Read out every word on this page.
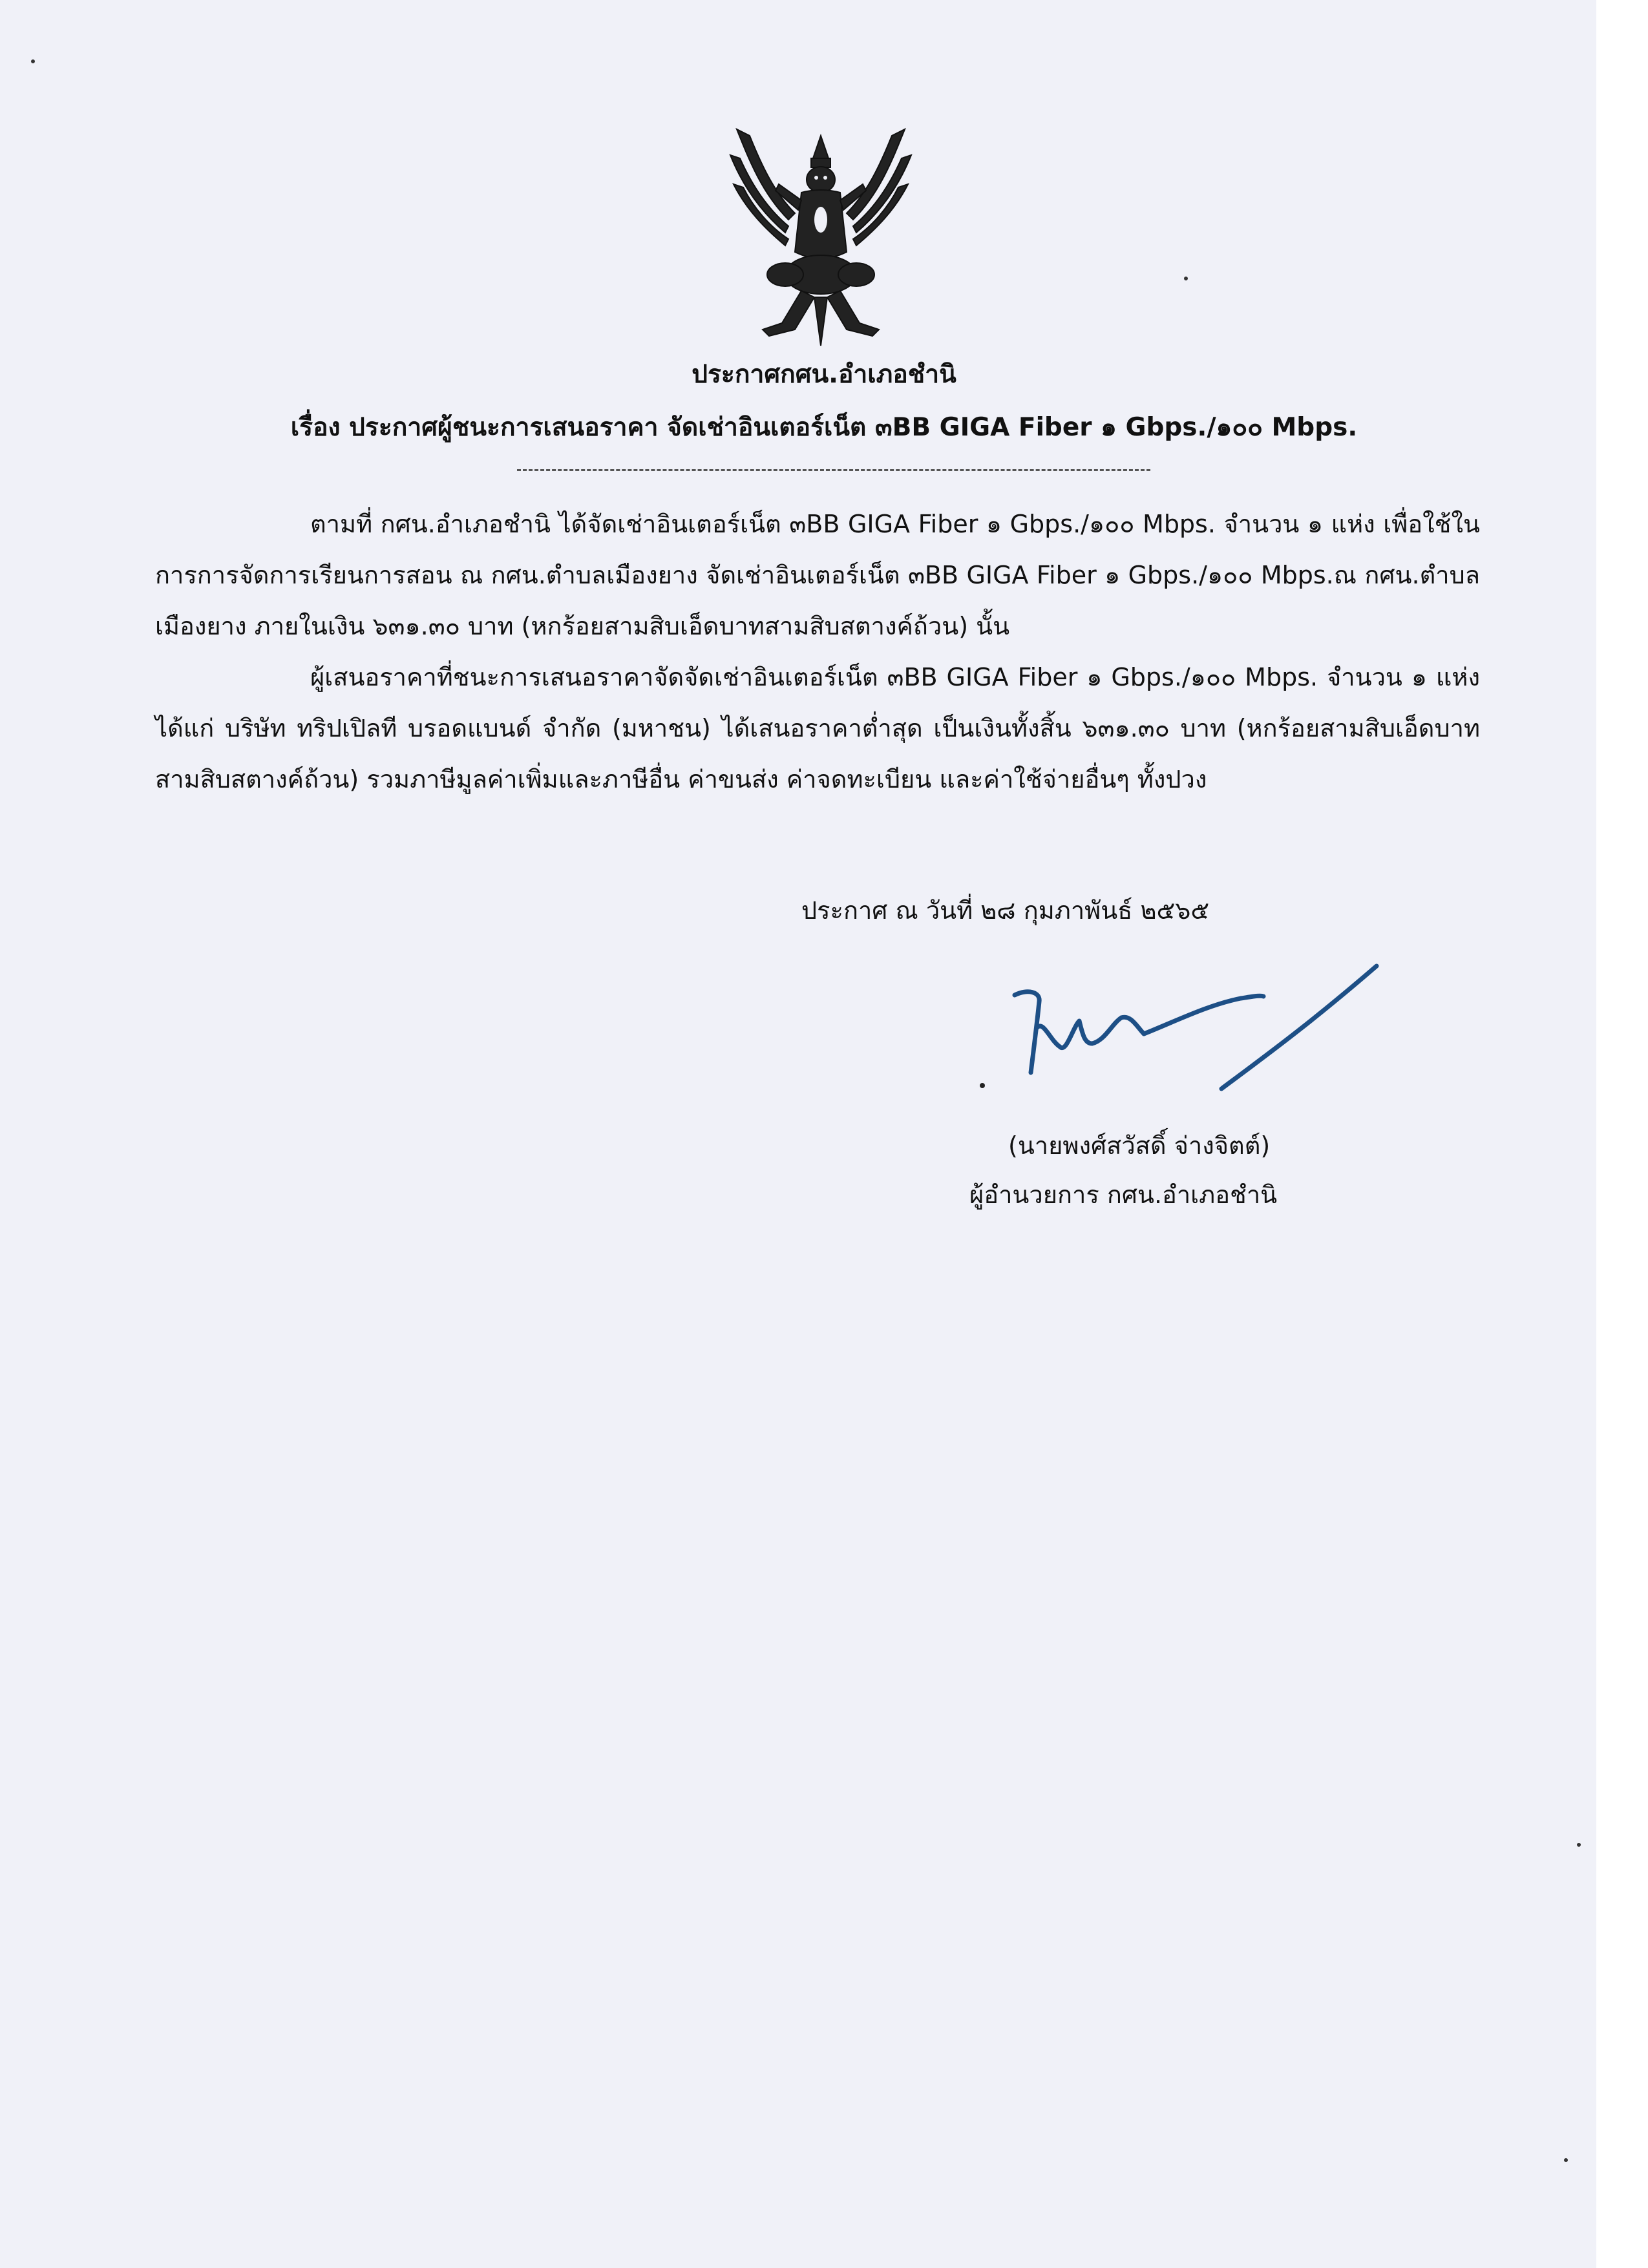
ประกาศกศน.อำเภอชำนิ
เรื่อง ประกาศผู้ชนะการเสนอราคา จัดเช่าอินเตอร์เน็ต ๓BB GIGA Fiber ๑ Gbps./๑๐๐ Mbps.

ตามที่ กศน.อำเภอชำนิ ได้จัดเช่าอินเตอร์เน็ต ๓BB GIGA Fiber ๑ Gbps./๑๐๐ Mbps. จำนวน ๑ แห่ง เพื่อใช้ในการการจัดการเรียนการสอน ณ กศน.ตำบลเมืองยาง จัดเช่าอินเตอร์เน็ต ๓BB GIGA Fiber ๑ Gbps./๑๐๐ Mbps.ณ กศน.ตำบลเมืองยาง ภายในเงิน ๖๓๑.๓๐ บาท (หกร้อยสามสิบเอ็ดบาทสามสิบสตางค์ถ้วน) นั้น

ผู้เสนอราคาที่ชนะการเสนอราคาจัดจัดเช่าอินเตอร์เน็ต ๓BB GIGA Fiber ๑ Gbps./๑๐๐ Mbps. จำนวน ๑ แห่ง ได้แก่ บริษัท ทริปเปิลที บรอดแบนด์ จำกัด (มหาชน) ได้เสนอราคาต่ำสุด เป็นเงินทั้งสิ้น ๖๓๑.๓๐ บาท (หกร้อยสามสิบเอ็ดบาทสามสิบสตางค์ถ้วน) รวมภาษีมูลค่าเพิ่มและภาษีอื่น ค่าขนส่ง ค่าจดทะเบียน และค่าใช้จ่ายอื่นๆ ทั้งปวง

ประกาศ ณ วันที่ ๒๘ กุมภาพันธ์ ๒๕๖๕
(นายพงศ์สวัสดิ์ จ่างจิตต์)
ผู้อำนวยการ กศน.อำเภอชำนิ
